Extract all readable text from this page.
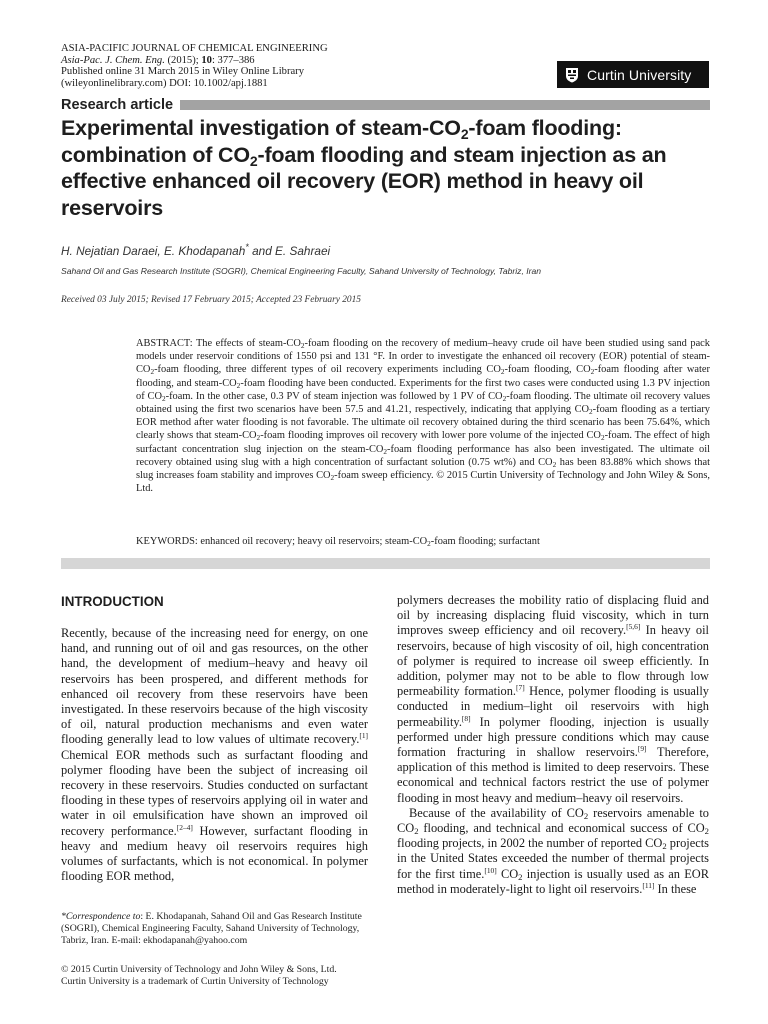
ASIA-PACIFIC JOURNAL OF CHEMICAL ENGINEERING
Asia-Pac. J. Chem. Eng. (2015); 10: 377–386
Published online 31 March 2015 in Wiley Online Library
(wileyonlinelibrary.com) DOI: 10.1002/apj.1881
Curtin University
Research article
Experimental investigation of steam-$CO_2$-foam flooding: combination of $CO_2$-foam flooding and steam injection as an effective enhanced oil recovery (EOR) method in heavy oil reservoirs
H. Nejatian Daraei, E. Khodapanah* and E. Sahraei
Sahand Oil and Gas Research Institute (SOGRI), Chemical Engineering Faculty, Sahand University of Technology, Tabriz, Iran
Received 03 July 2015; Revised 17 February 2015; Accepted 23 February 2015
ABSTRACT: The effects of steam-$CO_2$-foam flooding on the recovery of medium–heavy crude oil have been studied using sand pack models under reservoir conditions of 1550 psi and 131 °F. In order to investigate the enhanced oil recovery (EOR) potential of steam-$CO_2$-foam flooding, three different types of oil recovery experiments including $CO_2$-foam flooding, $CO_2$-foam flooding after water flooding, and steam-$CO_2$-foam flooding have been conducted. Experiments for the first two cases were conducted using 1.3 PV injection of $CO_2$-foam. In the other case, 0.3 PV of steam injection was followed by 1 PV of $CO_2$-foam flooding. The ultimate oil recovery values obtained using the first two scenarios have been 57.5 and 41.21, respectively, indicating that applying $CO_2$-foam flooding as a tertiary EOR method after water flooding is not favorable. The ultimate oil recovery obtained during the third scenario has been 75.64%, which clearly shows that steam-$CO_2$-foam flooding improves oil recovery with lower pore volume of the injected $CO_2$-foam. The effect of high surfactant concentration slug injection on the steam-$CO_2$-foam flooding performance has also been investigated. The ultimate oil recovery obtained using slug with a high concentration of surfactant solution (0.75 wt%) and $CO_2$ has been 83.88% which shows that slug increases foam stability and improves $CO_2$-foam sweep efficiency. © 2015 Curtin University of Technology and John Wiley & Sons, Ltd.
KEYWORDS: enhanced oil recovery; heavy oil reservoirs; steam-$CO_2$-foam flooding; surfactant
INTRODUCTION

Recently, because of the increasing need for energy, on one hand, and running out of oil and gas resources, on the other hand, the development of medium–heavy and heavy oil reservoirs has been prospered, and different methods for enhanced oil recovery from these reservoirs have been investigated. In these reservoirs because of the high viscosity of oil, natural production mechanisms and even water flooding generally lead to low values of ultimate recovery.[1] Chemical EOR methods such as surfactant flooding and polymer flooding have been the subject of increasing oil recovery in these reservoirs. Studies conducted on surfactant flooding in these types of reservoirs applying oil in water and water in oil emulsification have shown an improved oil recovery performance.[2–4] However, surfactant flooding in heavy and medium heavy oil reservoirs requires high volumes of surfactants, which is not economical. In polymer flooding EOR method,

polymers decreases the mobility ratio of displacing fluid and oil by increasing displacing fluid viscosity, which in turn improves sweep efficiency and oil recovery.[5,6] In heavy oil reservoirs, because of high viscosity of oil, high concentration of polymer is required to increase oil sweep efficiently. In addition, polymer may not to be able to flow through low permeability formation.[7] Hence, polymer flooding is usually conducted in medium–light oil reservoirs with high permeability.[8] In polymer flooding, injection is usually performed under high pressure conditions which may cause formation fracturing in shallow reservoirs.[9] Therefore, application of this method is limited to deep reservoirs. These economical and technical factors restrict the use of polymer flooding in most heavy and medium–heavy oil reservoirs.

Because of the availability of $CO_2$ reservoirs amenable to $CO_2$ flooding, and technical and economical success of $CO_2$ flooding projects, in 2002 the number of reported $CO_2$ projects in the United States exceeded the number of thermal projects for the first time.[10] $CO_2$ injection is usually used as an EOR method in moderately-light to light oil reservoirs.[11] In these

*Correspondence to: E. Khodapanah, Sahand Oil and Gas Research Institute (SOGRI), Chemical Engineering Faculty, Sahand University of Technology, Tabriz, Iran. E-mail: ekhodapanah@yahoo.com
© 2015 Curtin University of Technology and John Wiley & Sons, Ltd.
Curtin University is a trademark of Curtin University of Technology
